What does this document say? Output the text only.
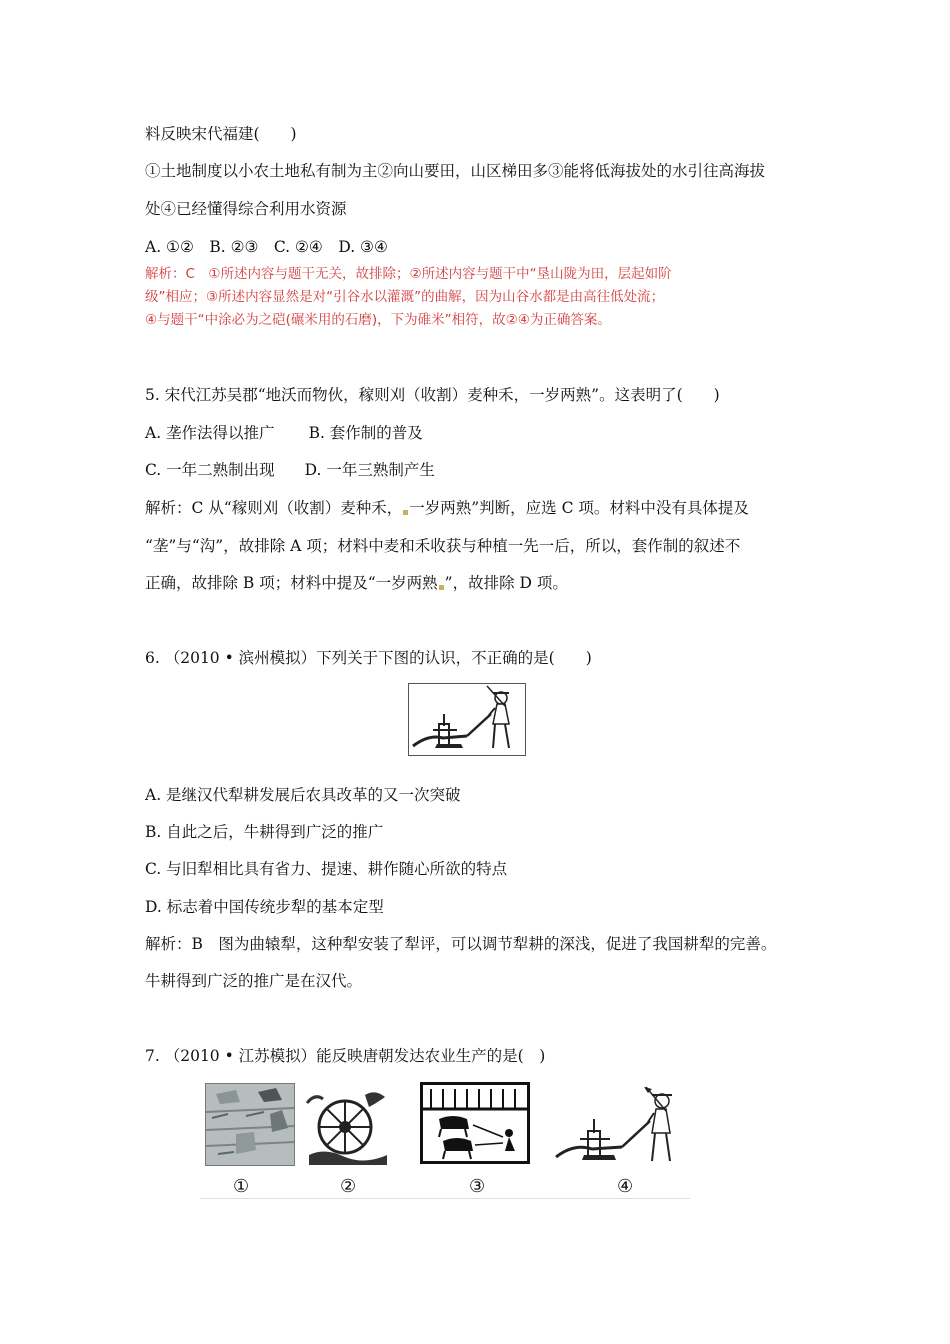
料反映宋代福建(　　)
①土地制度以小农土地私有制为主②向山要田，山区梯田多③能将低海拔处的水引往高海拔
处④已经懂得综合利用水资源
A. ①②　B. ②③　C. ②④　D. ③④
解析：C　①所述内容与题干无关，故排除；②所述内容与题干中“垦山陇为田，层起如阶
级”相应；③所述内容显然是对“引谷水以灌溉”的曲解，因为山谷水都是由高往低处流；
④与题干“中涂必为之硙(碾米用的石磨)，下为碓米”相符，故②④为正确答案。
5. 宋代江苏吴郡“地沃而物伙，稼则刈（收割）麦种禾，一岁两熟”。这表明了(　　)
A. 垄作法得以推广 B. 套作制的普及
C. 一年二熟制出现 D. 一年三熟制产生
解析：C 从“稼则刈（收割）麦种禾， 一岁两熟”判断，应选 C 项。材料中没有具体提及
“垄”与“沟”，故排除 A 项；材料中麦和禾收获与种植一先一后，所以，套作制的叙述不
正确，故排除 B 项；材料中提及“一岁两熟 ”，故排除 D 项。
6. （2010 • 滨州模拟）下列关于下图的认识，不正确的是(　　)
A. 是继汉代犁耕发展后农具改革的又一次突破
B. 自此之后，牛耕得到广泛的推广
C. 与旧犁相比具有省力、提速、耕作随心所欲的特点
D. 标志着中国传统步犁的基本定型
解析：B　图为曲辕犁，这种犁安装了犁评，可以调节犁耕的深浅，促进了我国耕犁的完善。
牛耕得到广泛的推广是在汉代。
7. （2010 • 江苏模拟）能反映唐朝发达农业生产的是(　)
①	②	③	④
